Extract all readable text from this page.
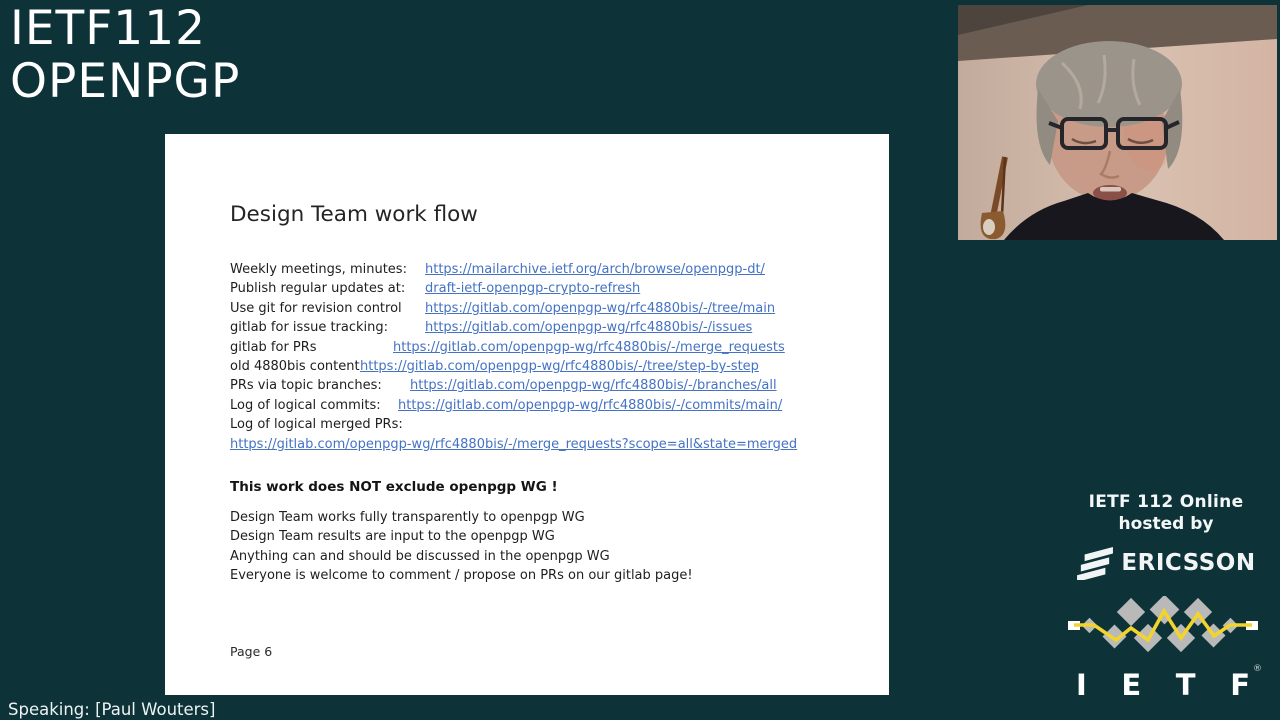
IETF112
OPENPGP
Design Team work flow
Weekly meetings, minutes:	https://mailarchive.ietf.org/arch/browse/openpgp-dt/
Publish regular updates at:	draft-ietf-openpgp-crypto-refresh
Use git for revision control	https://gitlab.com/openpgp-wg/rfc4880bis/-/tree/main
gitlab for issue tracking:	https://gitlab.com/openpgp-wg/rfc4880bis/-/issues
gitlab for PRs	https://gitlab.com/openpgp-wg/rfc4880bis/-/merge_requests
old 4880bis content https://gitlab.com/openpgp-wg/rfc4880bis/-/tree/step-by-step
PRs via topic branches:	https://gitlab.com/openpgp-wg/rfc4880bis/-/branches/all
Log of logical commits:	https://gitlab.com/openpgp-wg/rfc4880bis/-/commits/main/
Log of logical merged PRs:
https://gitlab.com/openpgp-wg/rfc4880bis/-/merge_requests?scope=all&state=merged
This work does NOT exclude openpgp WG !
Design Team works fully transparently to openpgp WG
Design Team results are input to the openpgp WG
Anything can and should be discussed in the openpgp WG
Everyone is welcome to comment / propose on PRs on our gitlab page!
Page 6
IETF 112 Online
hosted by
ERICSSON
I E T F ®
Speaking: [Paul Wouters]
